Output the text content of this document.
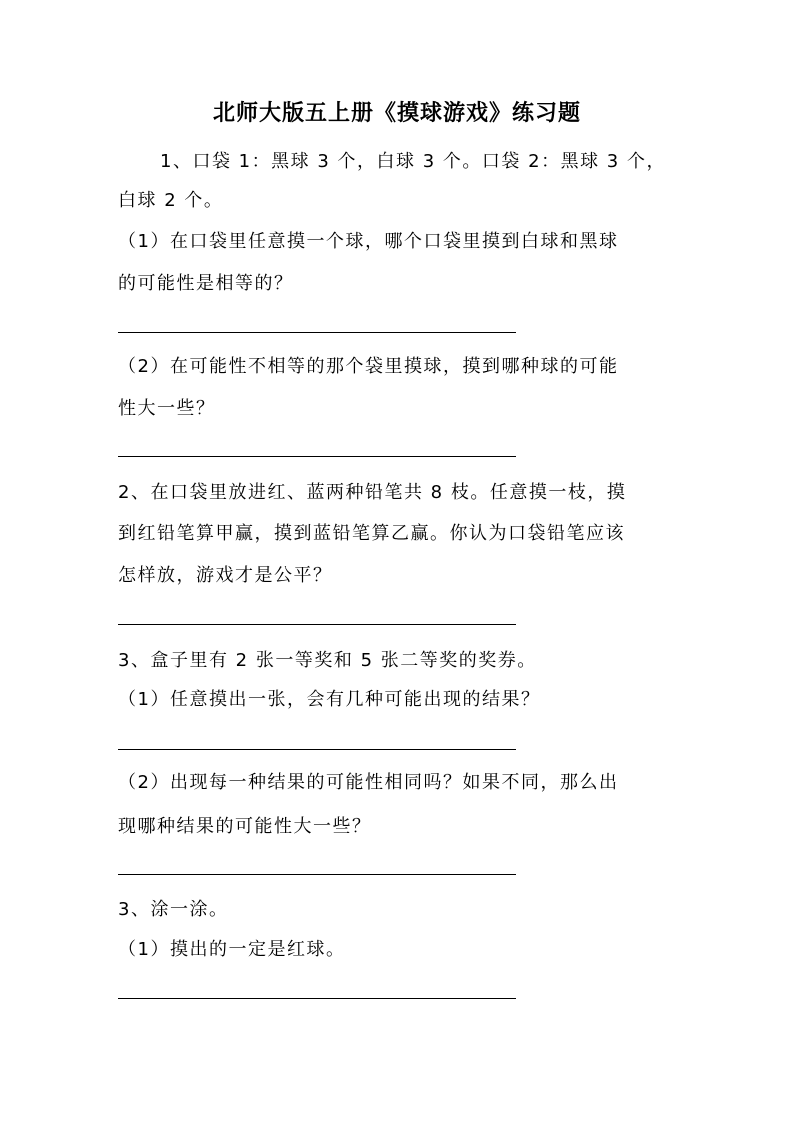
北师大版五上册《摸球游戏》练习题
1、口袋 1：黑球 3 个，白球 3 个。口袋 2：黑球 3 个，
白球 2 个。
（1）在口袋里任意摸一个球，哪个口袋里摸到白球和黑球
的可能性是相等的？
（2）在可能性不相等的那个袋里摸球，摸到哪种球的可能
性大一些？
2、在口袋里放进红、蓝两种铅笔共 8 枝。任意摸一枝，摸
到红铅笔算甲赢，摸到蓝铅笔算乙赢。你认为口袋铅笔应该
怎样放，游戏才是公平？
3、盒子里有 2 张一等奖和 5 张二等奖的奖券。
（1）任意摸出一张，会有几种可能出现的结果？
（2）出现每一种结果的可能性相同吗？如果不同，那么出
现哪种结果的可能性大一些？
3、涂一涂。
（1）摸出的一定是红球。
